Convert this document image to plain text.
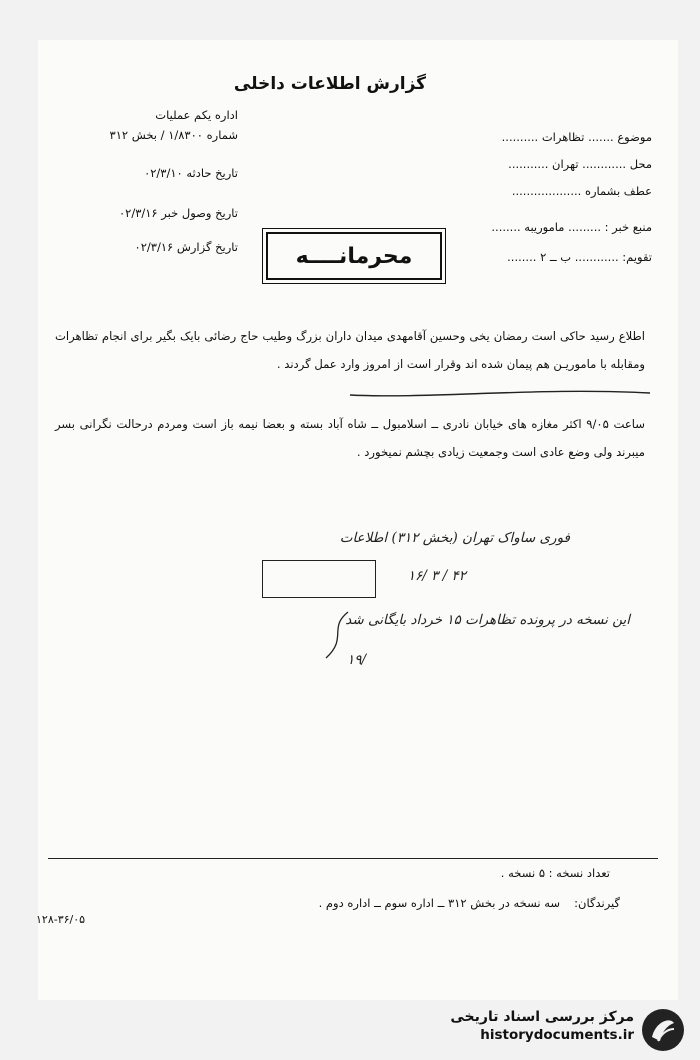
گزارش اطلاعات داخلی
اداره یکم عملیات
شماره ۱/۸۳۰۰ / بخش ۳۱۲
تاریخ حادثه ۰۲/۳/۱۰
تاریخ وصول خبر ۰۲/۳/۱۶
تاریخ گزارش ۰۲/۳/۱۶
موضوع ....... تظاهرات ..........
محل ............ تهران ...........
عطف بشماره ...................
منبع خبر : ......... ماموریبه ........
تقویم: ............ ب ــ ۲ ........
محرمانــــه
اطلاع رسید حاکی است رمضان یخی وحسین آقامهدی میدان داران بزرگ وطیب حاج رضائی بایک بگیر برای انجام تظاهرات ومقابله با ماموریـن هم پیمان شده اند وقرار است از امروز وارد عمل گردند .
ساعت ۹/۰۵ اکثر مغازه های خیابان نادری ــ اسلامبول ــ شاه آباد بسته و بعضا نیمه باز است ومردم درحالت نگرانی بسر میبرند ولی وضع عادی است وجمعیت زیادی بچشم نمیخورد .
فوری ساواک تهران (بخش ۳۱۲) اطلاعات
۱۶/ ۳ / ۴۲
این نسخه در پرونده تظاهرات ۱۵ خرداد بایگانی شد
۱۹/
تعداد نسخه : ۵ نسخه .
گیرندگان:
سه نسخه در بخش ۳۱۲ ــ اداره سوم ــ اداره دوم .
۱۲۸-۳۶/۰۵
مرکز بررسی اسناد تاریخی
historydocuments.ir
